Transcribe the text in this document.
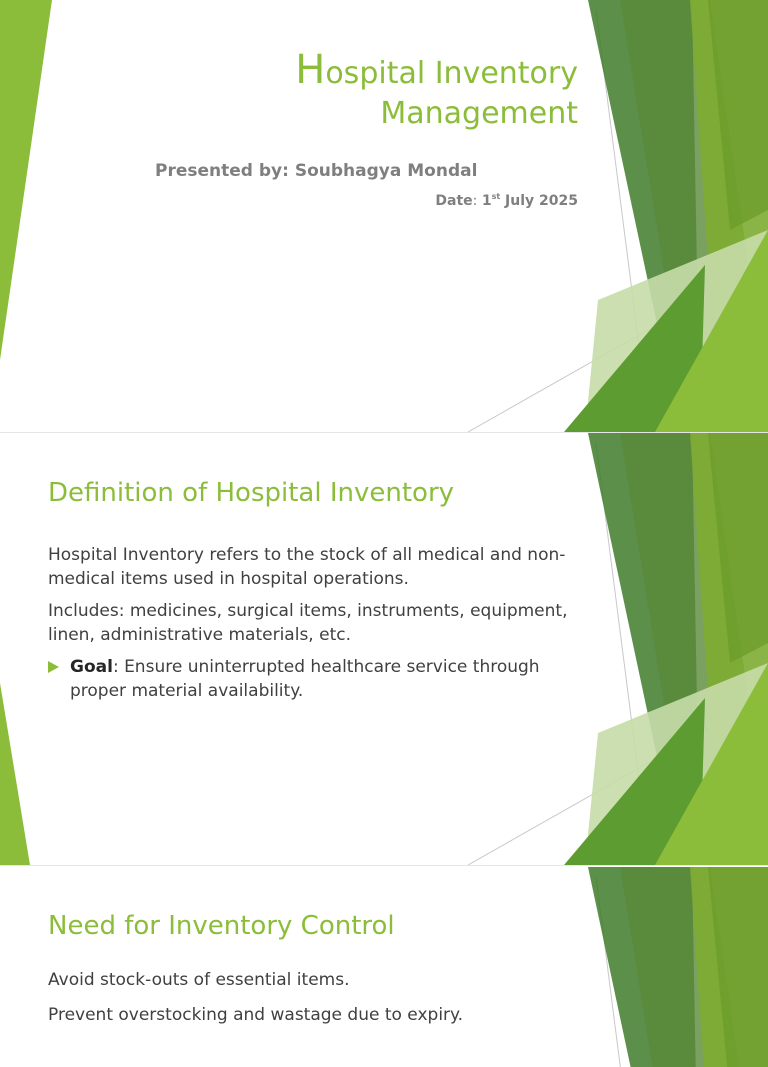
Hospital Inventory
Management
Presented by: Soubhagya Mondal
Date: 1st July 2025
Definition of Hospital Inventory
Hospital Inventory refers to the stock of all medical and non-medical items used in hospital operations.
Includes: medicines, surgical items, instruments, equipment, linen, administrative materials, etc.
Goal: Ensure uninterrupted healthcare service through proper material availability.
Need for Inventory Control
Avoid stock-outs of essential items.
Prevent overstocking and wastage due to expiry.
